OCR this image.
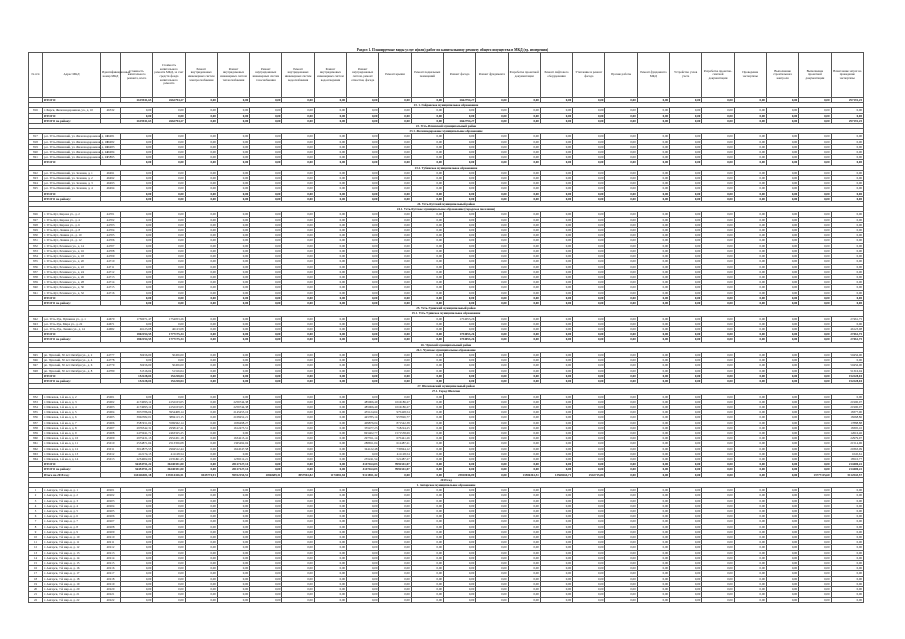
Раздел 1. Планируемые виды услуг и(или) работ по капитальному ремонту общего имущества в МКД (ед. измерения)
№ п/п	Адрес МКД	Идентификационный номер МКД	Стоимость капитального ремонта, всего	Стоимость капитального ремонта МКД, за счет средств фонда капитального ремонта	Ремонт внутридомовых инженерных систем электроснабжения	Ремонт внутридомовых инженерных систем теплоснабжения	Ремонт внутридомовых инженерных систем газоснабжения	Ремонт внутридомовых инженерных систем водоснабжения	Ремонт внутридомовых инженерных систем водоотведения	Ремонт внутридомовых систем, ремонт отмостки, фасада	Ремонт крыши	Ремонт подвальных помещений	Ремонт фасада	Ремонт фундамента	Разработка проектной документации	Ремонт лифтового оборудования	Утепление и ремонт фасада	Прочие работы	Ремонт фундамента МКД	Устройство узлов учета	Разработка проектно-сметной документации	Проведение экспертизы	Выполнение строительного контроля	Выполнение проектной документации	Начисление затрат на проведение экспертизы
	ИТОГО:		2619941,63	2662794,27	0,00	0,00	0,00	0,00	0,00	0,00	0,00	0,00	2662794,27	0,00	0,00	0,00	0,00	0,00	0,00	0,00	0,00	0,00	0,00	0,00	297191,25
23. 1. Гайдовское муниципальное образование																									
816	г. Бирск, Железнодорожная, ул., д. 10	46532	0,00	0,00	0,00	0,00	0,00	0,00	0,00	0,00	0,00	0,00	0,00	0,00	0,00	0,00	0,00	0,00	0,00	0,00	0,00	0,00	0,00	0,00	0,00
	ИТОГО:		0,00	0,00	0,00	0,00	0,00	0,00	0,00	0,00	0,00	0,00	0,00	0,00	0,00	0,00	0,00	0,00	0,00	0,00	0,00	0,00	0,00	0,00	0,00
	ИТОГО по району:		2619941,63	2662794,27	0,00	0,00	0,00	0,00	0,00	0,00	0,00	0,00	2662794,27	0,00	0,00	0,00	0,00	0,00	0,00	0,00	0,00	0,00	0,00	0,00	297191,25
23. Усть-Илимский муниципальный район																									
23.1. Железнодорожное муниципальное образование																									
817	р.п. Усть-Илимский, ул. Железнодорожная, д. 16	46481	0,00	0,00	0,00	0,00	0,00	0,00	0,00	0,00	0,00	0,00	0,00	0,00	0,00	0,00	0,00	0,00	0,00	0,00	0,00	0,00	0,00	0,00	0,00
818	р.п. Усть-Илимский, ул. Железнодорожная, д. 18	46482	0,00	0,00	0,00	0,00	0,00	0,00	0,00	0,00	0,00	0,00	0,00	0,00	0,00	0,00	0,00	0,00	0,00	0,00	0,00	0,00	0,00	0,00	0,00
819	р.п. Усть-Илимский, ул. Железнодорожная, д. 20	46483	0,00	0,00	0,00	0,00	0,00	0,00	0,00	0,00	0,00	0,00	0,00	0,00	0,00	0,00	0,00	0,00	0,00	0,00	0,00	0,00	0,00	0,00	0,00
820	р.п. Усть-Илимский, ул. Железнодорожная, д. 22	46484	0,00	0,00	0,00	0,00	0,00	0,00	0,00	0,00	0,00	0,00	0,00	0,00	0,00	0,00	0,00	0,00	0,00	0,00	0,00	0,00	0,00	0,00	0,00
821	р.п. Усть-Илимский, ул. Железнодорожная, д. 24	55895	0,00	0,00	0,00	0,00	0,00	0,00	0,00	0,00	0,00	0,00	0,00	0,00	0,00	0,00	0,00	0,00	0,00	0,00	0,00	0,00	0,00	0,00	0,00
	ИТОГО:		0,00	0,00	0,00	0,00	0,00	0,00	0,00	0,00	0,00	0,00	0,00	0,00	0,00	0,00	0,00	0,00	0,00	0,00	0,00	0,00	0,00	0,00	0,00
23.2. Тубинское муниципальное образование																									
822	р.п. Усть-Илимский, ул. Зеленая, д. 1	46491	0,00	0,00	0,00	0,00	0,00	0,00	0,00	0,00	0,00	0,00	0,00	0,00	0,00	0,00	0,00	0,00	0,00	0,00	0,00	0,00	0,00	0,00	0,00
823	р.п. Усть-Илимский, ул. Зеленая, д. 2	46492	0,00	0,00	0,00	0,00	0,00	0,00	0,00	0,00	0,00	0,00	0,00	0,00	0,00	0,00	0,00	0,00	0,00	0,00	0,00	0,00	0,00	0,00	0,00
824	р.п. Усть-Илимский, ул. Зеленая, д. 3	46493	0,00	0,00	0,00	0,00	0,00	0,00	0,00	0,00	0,00	0,00	0,00	0,00	0,00	0,00	0,00	0,00	0,00	0,00	0,00	0,00	0,00	0,00	0,00
825	р.п. Усть-Илимский, ул. Зеленая, д. 4	46494	0,00	0,00	0,00	0,00	0,00	0,00	0,00	0,00	0,00	0,00	0,00	0,00	0,00	0,00	0,00	0,00	0,00	0,00	0,00	0,00	0,00	0,00	0,00
	ИТОГО:		0,00	0,00	0,00	0,00	0,00	0,00	0,00	0,00	0,00	0,00	0,00	0,00	0,00	0,00	0,00	0,00	0,00	0,00	0,00	0,00	0,00	0,00	0,00
	ИТОГО по району:		0,00	0,00	0,00	0,00	0,00	0,00	0,00	0,00	0,00	0,00	0,00	0,00	0,00	0,00	0,00	0,00	0,00	0,00	0,00	0,00	0,00	0,00	0,00
24. Усть-Кутский муниципальный район																									
24.1. Усть-Кутское муниципальное образование (городское поселение)																									
826	г. Усть-Кут, Кирова ул., д. 2	44701	0,00	0,00	0,00	0,00	0,00	0,00	0,00	0,00	0,00	0,00	0,00	0,00	0,00	0,00	0,00	0,00	0,00	0,00	0,00	0,00	0,00	0,00	0,00
827	г. Усть-Кут, Кирова ул., д. 4	44702	0,00	0,00	0,00	0,00	0,00	0,00	0,00	0,00	0,00	0,00	0,00	0,00	0,00	0,00	0,00	0,00	0,00	0,00	0,00	0,00	0,00	0,00	0,00
828	г. Усть-Кут, Кирова ул., д. 6	44703	0,00	0,00	0,00	0,00	0,00	0,00	0,00	0,00	0,00	0,00	0,00	0,00	0,00	0,00	0,00	0,00	0,00	0,00	0,00	0,00	0,00	0,00	0,00
829	г. Усть-Кут, Ленина ул., д. 8	44704	0,00	0,00	0,00	0,00	0,00	0,00	0,00	0,00	0,00	0,00	0,00	0,00	0,00	0,00	0,00	0,00	0,00	0,00	0,00	0,00	0,00	0,00	0,00
830	г. Усть-Кут, Ленина ул., д. 10	44705	0,00	0,00	0,00	0,00	0,00	0,00	0,00	0,00	0,00	0,00	0,00	0,00	0,00	0,00	0,00	0,00	0,00	0,00	0,00	0,00	0,00	0,00	0,00
831	г. Усть-Кут, Ленина ул., д. 12	44706	0,00	0,00	0,00	0,00	0,00	0,00	0,00	0,00	0,00	0,00	0,00	0,00	0,00	0,00	0,00	0,00	0,00	0,00	0,00	0,00	0,00	0,00	0,00
832	г. Усть-Кут, Речников ул., д. 14	44707	0,00	0,00	0,00	0,00	0,00	0,00	0,00	0,00	0,00	0,00	0,00	0,00	0,00	0,00	0,00	0,00	0,00	0,00	0,00	0,00	0,00	0,00	0,00
833	г. Усть-Кут, Речников ул., д. 16	44708	0,00	0,00	0,00	0,00	0,00	0,00	0,00	0,00	0,00	0,00	0,00	0,00	0,00	0,00	0,00	0,00	0,00	0,00	0,00	0,00	0,00	0,00	0,00
834	г. Усть-Кут, Речников ул., д. 18	44709	0,00	0,00	0,00	0,00	0,00	0,00	0,00	0,00	0,00	0,00	0,00	0,00	0,00	0,00	0,00	0,00	0,00	0,00	0,00	0,00	0,00	0,00	0,00
835	г. Усть-Кут, Речников ул., д. 20	44710	0,00	0,00	0,00	0,00	0,00	0,00	0,00	0,00	0,00	0,00	0,00	0,00	0,00	0,00	0,00	0,00	0,00	0,00	0,00	0,00	0,00	0,00	0,00
836	г. Усть-Кут, Речников ул., д. 22	44711	0,00	0,00	0,00	0,00	0,00	0,00	0,00	0,00	0,00	0,00	0,00	0,00	0,00	0,00	0,00	0,00	0,00	0,00	0,00	0,00	0,00	0,00	0,00
837	г. Усть-Кут, Речников ул., д. 24	44712	0,00	0,00	0,00	0,00	0,00	0,00	0,00	0,00	0,00	0,00	0,00	0,00	0,00	0,00	0,00	0,00	0,00	0,00	0,00	0,00	0,00	0,00	0,00
838	г. Усть-Кут, Речников ул., д. 26	44713	0,00	0,00	0,00	0,00	0,00	0,00	0,00	0,00	0,00	0,00	0,00	0,00	0,00	0,00	0,00	0,00	0,00	0,00	0,00	0,00	0,00	0,00	0,00
839	г. Усть-Кут, Речников ул., д. 28	44714	0,00	0,00	0,00	0,00	0,00	0,00	0,00	0,00	0,00	0,00	0,00	0,00	0,00	0,00	0,00	0,00	0,00	0,00	0,00	0,00	0,00	0,00	0,00
840	г. Усть-Кут, Речников ул., д. 30	44715	0,00	0,00	0,00	0,00	0,00	0,00	0,00	0,00	0,00	0,00	0,00	0,00	0,00	0,00	0,00	0,00	0,00	0,00	0,00	0,00	0,00	0,00	0,00
841	г. Усть-Кут, Речников ул., д. 32	44716	0,00	0,00	0,00	0,00	0,00	0,00	0,00	0,00	0,00	0,00	0,00	0,00	0,00	0,00	0,00	0,00	0,00	0,00	0,00	0,00	0,00	0,00	0,00
	ИТОГО:		0,00	0,00	0,00	0,00	0,00	0,00	0,00	0,00	0,00	0,00	0,00	0,00	0,00	0,00	0,00	0,00	0,00	0,00	0,00	0,00	0,00	0,00	0,00
	ИТОГО по району:		0,00	0,00	0,00	0,00	0,00	0,00	0,00	0,00	0,00	0,00	0,00	0,00	0,00	0,00	0,00	0,00	0,00	0,00	0,00	0,00	0,00	0,00	0,00
25. Усть-Удинский муниципальный район																									
25.1. Усть-Удинское муниципальное образование																									
842	р.п. Усть-Уда, Пушкина ул., д. 1	44670	1756071,47	1754053,26	0,00	0,00	0,00	0,00	0,00	0,00	0,00	0,00	1754053,26	0,00	0,00	0,00	0,00	0,00	0,00	0,00	0,00	0,00	0,00	0,00	27461,75
843	р.п. Усть-Уда, Мира ул., д. 22	44671	0,00	0,00	0,00	0,00	0,00	0,00	0,00	0,00	0,00	0,00	0,00	0,00	0,00	0,00	0,00	0,00	0,00	0,00	0,00	0,00	0,00	0,00	0,00
844	р.п. Усть-Уда, Ленина ул., д. 14	44682	46123,08	46123,08	0,00	0,00	0,00	0,00	0,00	0,00	0,00	0,00	0,00	0,00	0,00	0,00	0,00	0,00	0,00	0,00	0,00	0,00	0,00	0,00	46123,08
	ИТОГО:		1802194,55	1777175,34	0,00	0,00	0,00	0,00	0,00	0,00	0,00	0,00	1754053,26	0,00	0,00	0,00	0,00	0,00	0,00	0,00	0,00	0,00	0,00	0,00	27461,75
	ИТОГО по району:		1802194,55	1777175,34	0,00	0,00	0,00	0,00	0,00	0,00	0,00	0,00	1754053,26	0,00	0,00	0,00	0,00	0,00	0,00	0,00	0,00	0,00	0,00	0,00	27461,75
26. Чунский муниципальный район																									
26.1. Чунское муниципальное образование																									
845	рп. Чунский, 50 лет Октября ул., д. 2	44777	50456,00	50456,00	0,00	0,00	0,00	0,00	0,00	0,00	0,00	0,00	0,00	0,00	0,00	0,00	0,00	0,00	0,00	0,00	0,00	0,00	0,00	0,00	50456,00
846	рп. Чунский, 50 лет Октября ул., д. 4	44778	0,00	0,00	0,00	0,00	0,00	0,00	0,00	0,00	0,00	0,00	0,00	0,00	0,00	0,00	0,00	0,00	0,00	0,00	0,00	0,00	0,00	0,00	0,00
847	рп. Чунский, 50 лет Октября ул., д. 6	44779	50456,00	50456,00	0,00	0,00	0,00	0,00	0,00	0,00	0,00	0,00	0,00	0,00	0,00	0,00	0,00	0,00	0,00	0,00	0,00	0,00	0,00	0,00	50456,00
848	рп. Чунский, 50 лет Октября ул., д. 8	44780	51316,04	51316,04	0,00	0,00	0,00	0,00	0,00	0,00	0,00	0,00	0,00	0,00	0,00	0,00	0,00	0,00	0,00	0,00	0,00	0,00	0,00	0,00	51316,04
	ИТОГО:		152228,04	152228,04	0,00	0,00	0,00	0,00	0,00	0,00	0,00	0,00	0,00	0,00	0,00	0,00	0,00	0,00	0,00	0,00	0,00	0,00	0,00	0,00	152228,04
	ИТОГО по району:		152228,04	152228,04	0,00	0,00	0,00	0,00	0,00	0,00	0,00	0,00	0,00	0,00	0,00	0,00	0,00	0,00	0,00	0,00	0,00	0,00	0,00	0,00	152228,04
27. Шелеховский муниципальный район																									
27.1. Город Шелехов																									
852	г. Шелехов, 1-й кв-л, д. 2	45001	0,00	0,00	0,00	0,00	0,00	0,00	0,00	0,00	0,00	0,00	0,00	0,00	0,00	0,00	0,00	0,00	0,00	0,00	0,00	0,00	0,00	0,00	0,00
853	г. Шелехов, 1-й кв-л, д. 3	45002	4174093,12	4152103,05	0,00	2256744,38	0,00	0,00	0,00	485066,49	1016186,27	0,00	0,00	0,00	0,00	0,00	0,00	0,00	0,00	0,00	0,00	0,00	0,00	0,00	21990,07
854	г. Шелехов, 1-й кв-л, д. 4	45003	4174093,12	4152103,05	0,00	2256744,38	0,00	0,00	0,00	485066,49	1016186,27	0,00	0,00	0,00	0,00	0,00	0,00	0,00	0,00	0,00	0,00	0,00	0,00	0,00	21990,07
855	г. Шелехов, 1-й кв-л, д. 5	45004	3972786,04	3954408,14	0,00	2145455,16	0,00	0,00	0,00	455124,64	975428,54	0,00	0,00	0,00	0,00	0,00	0,00	0,00	0,00	0,00	0,00	0,00	0,00	0,00	18377,90
856	г. Шелехов, 1-й кв-л, д. 6	45005	3902382,01	3884113,15	0,00	2108452,21	0,00	0,00	0,00	445785,14	957826,77	0,00	0,00	0,00	0,00	0,00	0,00	0,00	0,00	0,00	0,00	0,00	0,00	0,00	18268,86
857	г. Шелехов, 1-й кв-л, д. 7	45006	3587451,02	3569562,14	0,00	1936498,27	0,00	0,00	0,00	409876,04	871542,38	0,00	0,00	0,00	0,00	0,00	0,00	0,00	0,00	0,00	0,00	0,00	0,00	0,00	17888,88
858	г. Шелехов, 1-й кв-л, д. 8	45007	2976542,31	2958147,21	0,00	1612473,51	0,00	0,00	0,00	335477,23	718224,25	0,00	0,00	0,00	0,00	0,00	0,00	0,00	0,00	0,00	0,00	0,00	0,00	0,00	18395,10
859	г. Шелехов, 1-й кв-л, д. 9	45008	2475941,71	2463325,25	0,00	0,00	0,00	0,00	0,00	845402,77	1571558,69	0,00	0,00	0,00	0,00	0,00	0,00	0,00	0,00	0,00	0,00	0,00	0,00	0,00	12616,46
860	г. Шелехов, 1-й кв-л, д. 10	45009	2975431,15	2952451,18	0,00	1634215,41	0,00	0,00	0,00	297351,14	675441,26	0,00	0,00	0,00	0,00	0,00	0,00	0,00	0,00	0,00	0,00	0,00	0,00	0,00	22979,97
861	г. Шелехов, 1-й кв-л, д. 11	45010	2534871,04	2513356,08	0,00	1365492,04	0,00	0,00	0,00	288651,04	612487,21	0,00	0,00	0,00	0,00	0,00	0,00	0,00	0,00	0,00	0,00	0,00	0,00	0,00	21514,96
862	г. Шелехов, 1-й кв-л, д. 12	45011	3014875,53	2994512,44	0,00	1624547,58	0,00	0,00	0,00	344122,48	735844,12	0,00	0,00	0,00	0,00	0,00	0,00	0,00	0,00	0,00	0,00	0,00	0,00	0,00	20363,09
863	г. Шелехов, 1-й кв-л, д. 13	45012	412174,15	411128,54	0,00	0,00	0,00	0,00	0,00	0,00	411128,54	0,00	0,00	0,00	0,00	0,00	0,00	0,00	0,00	0,00	0,00	0,00	0,00	0,00	1045,61
864	г. Шелехов, 1-й кв-л, д. 14	45013	2254002,02	2235491,25	0,00	1236512,21	0,00	0,00	0,00	255241,54	521487,27	0,00	0,00	0,00	0,00	0,00	0,00	0,00	0,00	0,00	0,00	0,00	0,00	0,00	18510,77
	ИТОГО:		36454751,22	36240351,00	0,00	20127127,14	0,00	0,00	0,00	4147164,03	9992341,07	0,00	0,00	0,00	0,00	0,00	0,00	0,00	0,00	0,00	0,00	0,00	0,00	0,00	214400,22
	ИТОГО по району:		36454751,22	36240351,00	0,00	20127127,14	0,00	0,00	0,00	4147164,03	9992341,07	0,00	0,00	0,00	0,00	0,00	0,00	0,00	0,00	0,00	0,00	0,00	0,00	0,00	214400,22
	Итого на 2018 год:		144426481,18	133514416,51	8445774,91	59912154,51	2846689,31	4957961,82	1174081,84	9121851,42	0,00	0,00	25810046,09	0,00	13586361,51	13568264,71	2542715,84	0,00	0,00	0,00	0,00	0,00	0,00	13777115,60	5112543,57
2019 год																									
1. Ангарское муниципальное образование																									
1	г. Ангарск, 7-й мкр-н, д. 1	40201	0,00	0,00	0,00	0,00	0,00	0,00	0,00	0,00	0,00	0,00	0,00	0,00	0,00	0,00	0,00	0,00	0,00	0,00	0,00	0,00	0,00	0,00	0,00
2	г. Ангарск, 7-й мкр-н, д. 2	40202	0,00	0,00	0,00	0,00	0,00	0,00	0,00	0,00	0,00	0,00	0,00	0,00	0,00	0,00	0,00	0,00	0,00	0,00	0,00	0,00	0,00	0,00	0,00
3	г. Ангарск, 7-й мкр-н, д. 3	40203	0,00	0,00	0,00	0,00	0,00	0,00	0,00	0,00	0,00	0,00	0,00	0,00	0,00	0,00	0,00	0,00	0,00	0,00	0,00	0,00	0,00	0,00	0,00
4	г. Ангарск, 7-й мкр-н, д. 4	40204	0,00	0,00	0,00	0,00	0,00	0,00	0,00	0,00	0,00	0,00	0,00	0,00	0,00	0,00	0,00	0,00	0,00	0,00	0,00	0,00	0,00	0,00	0,00
5	г. Ангарск, 7-й мкр-н, д. 5	40205	0,00	0,00	0,00	0,00	0,00	0,00	0,00	0,00	0,00	0,00	0,00	0,00	0,00	0,00	0,00	0,00	0,00	0,00	0,00	0,00	0,00	0,00	0,00
6	г. Ангарск, 7-й мкр-н, д. 6	40206	0,00	0,00	0,00	0,00	0,00	0,00	0,00	0,00	0,00	0,00	0,00	0,00	0,00	0,00	0,00	0,00	0,00	0,00	0,00	0,00	0,00	0,00	0,00
7	г. Ангарск, 7-й мкр-н, д. 7	40207	0,00	0,00	0,00	0,00	0,00	0,00	0,00	0,00	0,00	0,00	0,00	0,00	0,00	0,00	0,00	0,00	0,00	0,00	0,00	0,00	0,00	0,00	0,00
8	г. Ангарск, 7-й мкр-н, д. 8	40208	0,00	0,00	0,00	0,00	0,00	0,00	0,00	0,00	0,00	0,00	0,00	0,00	0,00	0,00	0,00	0,00	0,00	0,00	0,00	0,00	0,00	0,00	0,00
9	г. Ангарск, 7-й мкр-н, д. 9	40209	0,00	0,00	0,00	0,00	0,00	0,00	0,00	0,00	0,00	0,00	0,00	0,00	0,00	0,00	0,00	0,00	0,00	0,00	0,00	0,00	0,00	0,00	0,00
10	г. Ангарск, 7-й мкр-н, д. 10	40210	0,00	0,00	0,00	0,00	0,00	0,00	0,00	0,00	0,00	0,00	0,00	0,00	0,00	0,00	0,00	0,00	0,00	0,00	0,00	0,00	0,00	0,00	0,00
11	г. Ангарск, 7-й мкр-н, д. 11	40211	0,00	0,00	0,00	0,00	0,00	0,00	0,00	0,00	0,00	0,00	0,00	0,00	0,00	0,00	0,00	0,00	0,00	0,00	0,00	0,00	0,00	0,00	0,00
12	г. Ангарск, 7-й мкр-н, д. 12	40212	0,00	0,00	0,00	0,00	0,00	0,00	0,00	0,00	0,00	0,00	0,00	0,00	0,00	0,00	0,00	0,00	0,00	0,00	0,00	0,00	0,00	0,00	0,00
13	г. Ангарск, 7-й мкр-н, д. 13	40213	0,00	0,00	0,00	0,00	0,00	0,00	0,00	0,00	0,00	0,00	0,00	0,00	0,00	0,00	0,00	0,00	0,00	0,00	0,00	0,00	0,00	0,00	0,00
14	г. Ангарск, 7-й мкр-н, д. 14	40214	0,00	0,00	0,00	0,00	0,00	0,00	0,00	0,00	0,00	0,00	0,00	0,00	0,00	0,00	0,00	0,00	0,00	0,00	0,00	0,00	0,00	0,00	0,00
15	г. Ангарск, 7-й мкр-н, д. 15	40215	0,00	0,00	0,00	0,00	0,00	0,00	0,00	0,00	0,00	0,00	0,00	0,00	0,00	0,00	0,00	0,00	0,00	0,00	0,00	0,00	0,00	0,00	0,00
16	г. Ангарск, 7-й мкр-н, д. 16	40216	0,00	0,00	0,00	0,00	0,00	0,00	0,00	0,00	0,00	0,00	0,00	0,00	0,00	0,00	0,00	0,00	0,00	0,00	0,00	0,00	0,00	0,00	0,00
17	г. Ангарск, 7-й мкр-н, д. 17	40217	0,00	0,00	0,00	0,00	0,00	0,00	0,00	0,00	0,00	0,00	0,00	0,00	0,00	0,00	0,00	0,00	0,00	0,00	0,00	0,00	0,00	0,00	0,00
18	г. Ангарск, 7-й мкр-н, д. 18	40218	0,00	0,00	0,00	0,00	0,00	0,00	0,00	0,00	0,00	0,00	0,00	0,00	0,00	0,00	0,00	0,00	0,00	0,00	0,00	0,00	0,00	0,00	0,00
19	г. Ангарск, 7-й мкр-н, д. 19	40219	0,00	0,00	0,00	0,00	0,00	0,00	0,00	0,00	0,00	0,00	0,00	0,00	0,00	0,00	0,00	0,00	0,00	0,00	0,00	0,00	0,00	0,00	0,00
20	г. Ангарск, 7-й мкр-н, д. 20	40220	0,00	0,00	0,00	0,00	0,00	0,00	0,00	0,00	0,00	0,00	0,00	0,00	0,00	0,00	0,00	0,00	0,00	0,00	0,00	0,00	0,00	0,00	0,00
21	г. Ангарск, 7-й мкр-н, д. 21	40221	0,00	0,00	0,00	0,00	0,00	0,00	0,00	0,00	0,00	0,00	0,00	0,00	0,00	0,00	0,00	0,00	0,00	0,00	0,00	0,00	0,00	0,00	0,00
22	г. Ангарск, 7-й мкр-н, д. 22	40222	0,00	0,00	0,00	0,00	0,00	0,00	0,00	0,00	0,00	0,00	0,00	0,00	0,00	0,00	0,00	0,00	0,00	0,00	0,00	0,00	0,00	0,00	0,00
